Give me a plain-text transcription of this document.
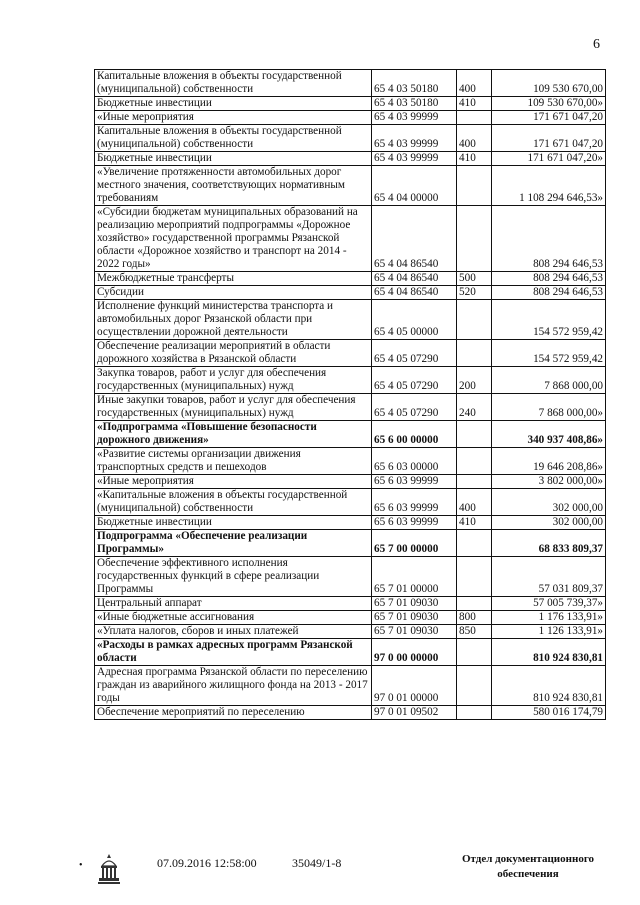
6
Капитальные вложения в объекты государственной (муниципальной) собственности	65 4 03 50180	400	109 530 670,00
Бюджетные инвестиции	65 4 03 50180	410	109 530 670,00»
«Иные мероприятия	65 4 03 99999		171 671 047,20
Капитальные вложения в объекты государственной (муниципальной) собственности	65 4 03 99999	400	171 671 047,20
Бюджетные инвестиции	65 4 03 99999	410	171 671 047,20»
«Увеличение протяженности автомобильных дорог местного значения, соответствующих нормативным требованиям	65 4 04 00000		1 108 294 646,53»
«Субсидии бюджетам муниципальных образований на реализацию мероприятий подпрограммы «Дорожное хозяйство» государственной программы Рязанской области «Дорожное хозяйство и транспорт на 2014 - 2022 годы»	65 4 04 86540		808 294 646,53
Межбюджетные трансферты	65 4 04 86540	500	808 294 646,53
Субсидии	65 4 04 86540	520	808 294 646,53
Исполнение функций министерства транспорта и автомобильных дорог Рязанской области при осуществлении дорожной деятельности	65 4 05 00000		154 572 959,42
Обеспечение реализации мероприятий в области дорожного хозяйства в Рязанской области	65 4 05 07290		154 572 959,42
Закупка товаров, работ и услуг для обеспечения государственных (муниципальных) нужд	65 4 05 07290	200	7 868 000,00
Иные закупки товаров, работ и услуг для обеспечения государственных (муниципальных) нужд	65 4 05 07290	240	7 868 000,00»
«Подпрограмма «Повышение безопасности дорожного движения»	65 6 00 00000		340 937 408,86»
«Развитие системы организации движения транспортных средств и пешеходов	65 6 03 00000		19 646 208,86»
«Иные мероприятия	65 6 03 99999		3 802 000,00»
«Капитальные вложения в объекты государственной (муниципальной) собственности	65 6 03 99999	400	302 000,00
Бюджетные инвестиции	65 6 03 99999	410	302 000,00
Подпрограмма «Обеспечение реализации Программы»	65 7 00 00000		68 833 809,37
Обеспечение эффективного исполнения государственных функций в сфере реализации Программы	65 7 01 00000		57 031 809,37
Центральный аппарат	65 7 01 09030		57 005 739,37»
«Иные бюджетные ассигнования	65 7 01 09030	800	1 176 133,91»
«Уплата налогов, сборов и иных платежей	65 7 01 09030	850	1 126 133,91»
«Расходы в рамках адресных программ Рязанской области	97 0 00 00000		810 924 830,81
Адресная программа Рязанской области по переселению граждан из аварийного жилищного фонда на 2013 - 2017 годы	97 0 01 00000		810 924 830,81
Обеспечение мероприятий по переселению	97 0 01 09502		580 016 174,79
•	07.09.2016 12:58:00	35049/1-8	Отдел документационного
обеспечения
